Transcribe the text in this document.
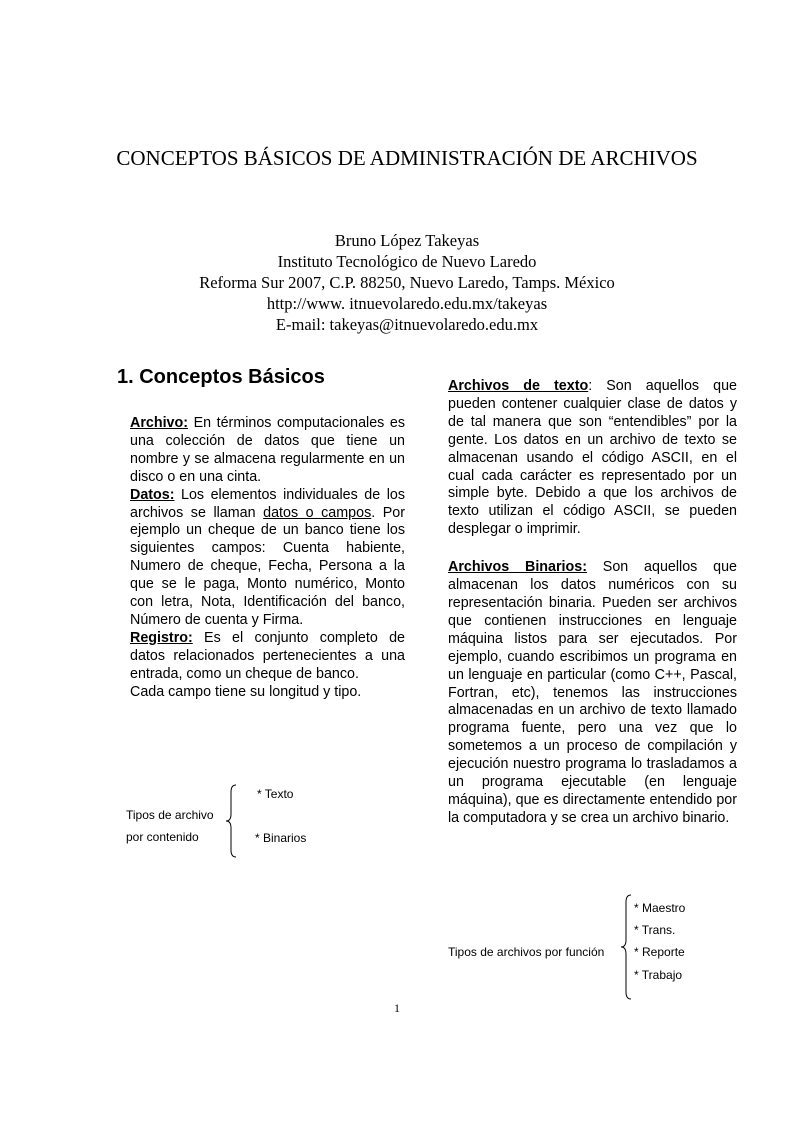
CONCEPTOS BÁSICOS DE ADMINISTRACIÓN DE ARCHIVOS
Bruno López Takeyas
Instituto Tecnológico de Nuevo Laredo
Reforma Sur 2007, C.P. 88250, Nuevo Laredo, Tamps. México
http://www. itnuevolaredo.edu.mx/takeyas
E-mail: takeyas@itnuevolaredo.edu.mx
1. Conceptos Básicos

Archivo: En términos computacionales es una colección de datos que tiene un nombre y se almacena regularmente en un disco o en una cinta.

Datos: Los elementos individuales de los archivos se llaman datos o campos. Por ejemplo un cheque de un banco tiene los siguientes campos: Cuenta habiente, Numero de cheque, Fecha, Persona a la que se le paga, Monto numérico, Monto con letra, Nota, Identificación del banco, Número de cuenta y Firma.

Registro: Es el conjunto completo de datos relacionados pertenecientes a una entrada, como un cheque de banco.

Cada campo tiene su longitud y tipo.

Archivos de texto: Son aquellos que pueden contener cualquier clase de datos y de tal manera que son “entendibles” por la gente. Los datos en un archivo de texto se almacenan usando el código ASCII, en el cual cada carácter es representado por un simple byte. Debido a que los archivos de texto utilizan el código ASCII, se pueden desplegar o imprimir.

Archivos Binarios: Son aquellos que almacenan los datos numéricos con su representación binaria. Pueden ser archivos que contienen instrucciones en lenguaje máquina listos para ser ejecutados. Por ejemplo, cuando escribimos un programa en un lenguaje en particular (como C++, Pascal, Fortran, etc), tenemos las instrucciones almacenadas en un archivo de texto llamado programa fuente, pero una vez que lo sometemos a un proceso de compilación y ejecución nuestro programa lo trasladamos a un programa ejecutable (en lenguaje máquina), que es directamente entendido por la computadora y se crea un archivo binario.

Tipos de archivo
por contenido
* Texto
* Binarios
Tipos de archivos por función
* Maestro
* Trans.
* Reporte
* Trabajo
1
